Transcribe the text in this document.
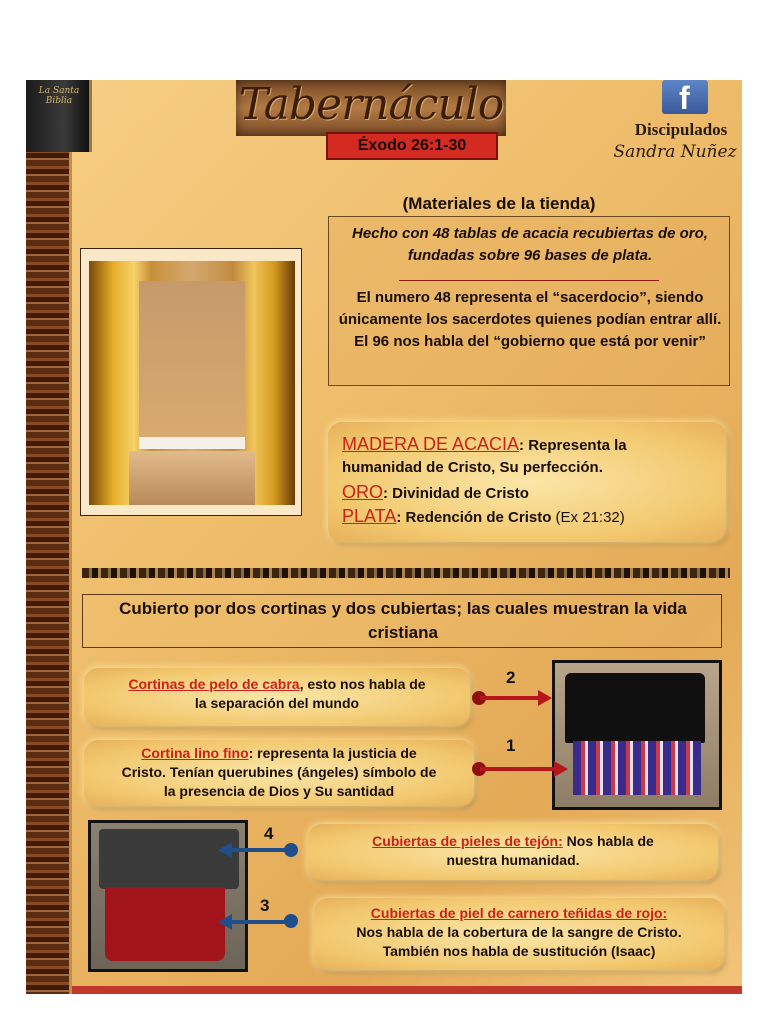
La Santa Biblia	Tabernáculo
Éxodo 26:1-30
f
Discipulados
Sandra Nuñez
(Materiales de la tienda)
Hecho con 48 tablas de acacia recubiertas de oro, fundadas sobre 96 bases de plata.
El numero 48 representa el “sacerdocio”, siendo únicamente los sacerdotes quienes podían entrar allí. El 96 nos habla del “gobierno que está por venir”
MADERA DE ACACIA: Representa la
humanidad de Cristo, Su perfección.
ORO: Divinidad de Cristo
PLATA: Redención de Cristo (Ex 21:32)
Cubierto por dos cortinas y dos cubiertas; las cuales muestran la vida cristiana
Cortinas de pelo de cabra, esto nos habla de
la separación del mundo
Cortina lino fino: representa la justicia de
Cristo. Tenían querubines (ángeles) símbolo de
la presencia de Dios y Su santidad
2
1
4
3
Cubiertas de pieles de tejón: Nos habla de
nuestra humanidad.
Cubiertas de piel de carnero teñidas de rojo:
Nos habla de la cobertura de la sangre de Cristo.
También nos habla de sustitución (Isaac)
